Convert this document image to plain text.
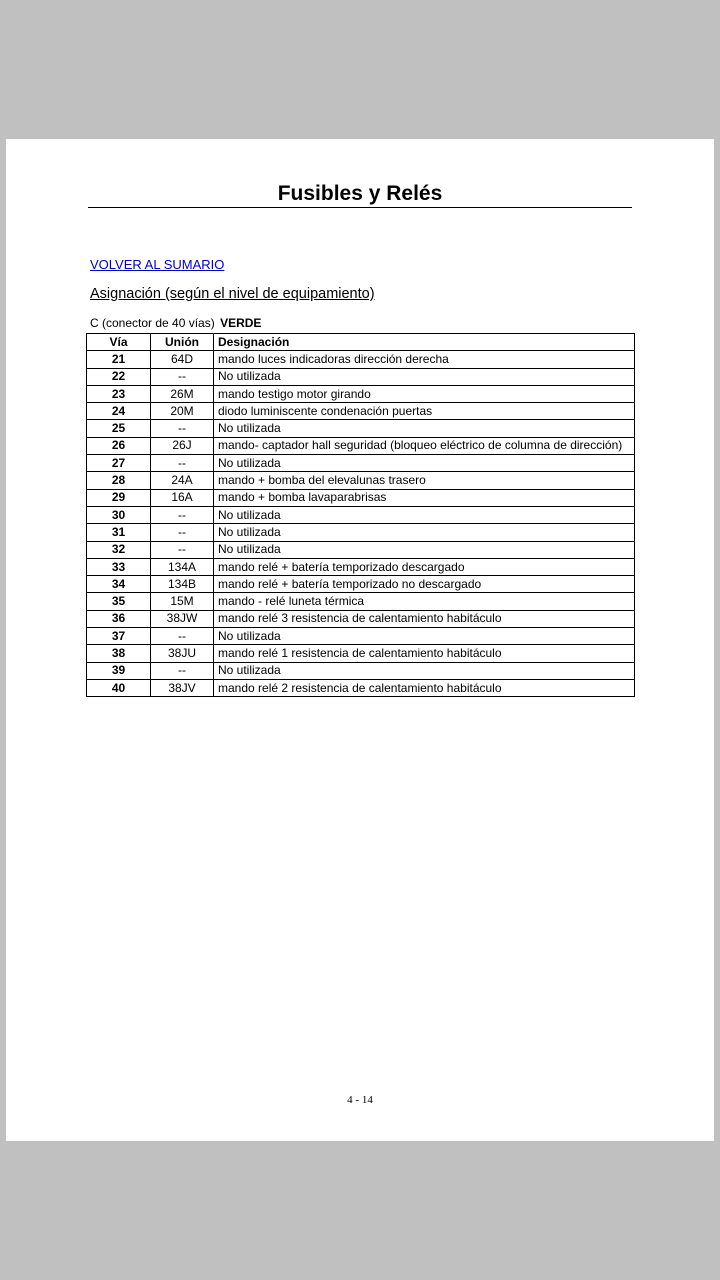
Fusibles y Relés
VOLVER AL SUMARIO
Asignación (según el nivel de equipamiento)
C (conector de 40 vías) VERDE
Vía	Unión	Designación
21	64D	mando luces indicadoras dirección derecha
22	--	No utilizada
23	26M	mando testigo motor girando
24	20M	diodo luminiscente condenación puertas
25	--	No utilizada
26	26J	mando- captador hall seguridad (bloqueo eléctrico de columna de dirección)
27	--	No utilizada
28	24A	mando + bomba del elevalunas trasero
29	16A	mando + bomba lavaparabrisas
30	--	No utilizada
31	--	No utilizada
32	--	No utilizada
33	134A	mando relé + batería temporizado descargado
34	134B	mando relé + batería temporizado no descargado
35	15M	mando - relé luneta térmica
36	38JW	mando relé 3 resistencia de calentamiento habitáculo
37	--	No utilizada
38	38JU	mando relé 1 resistencia de calentamiento habitáculo
39	--	No utilizada
40	38JV	mando relé 2 resistencia de calentamiento habitáculo
4 - 14
